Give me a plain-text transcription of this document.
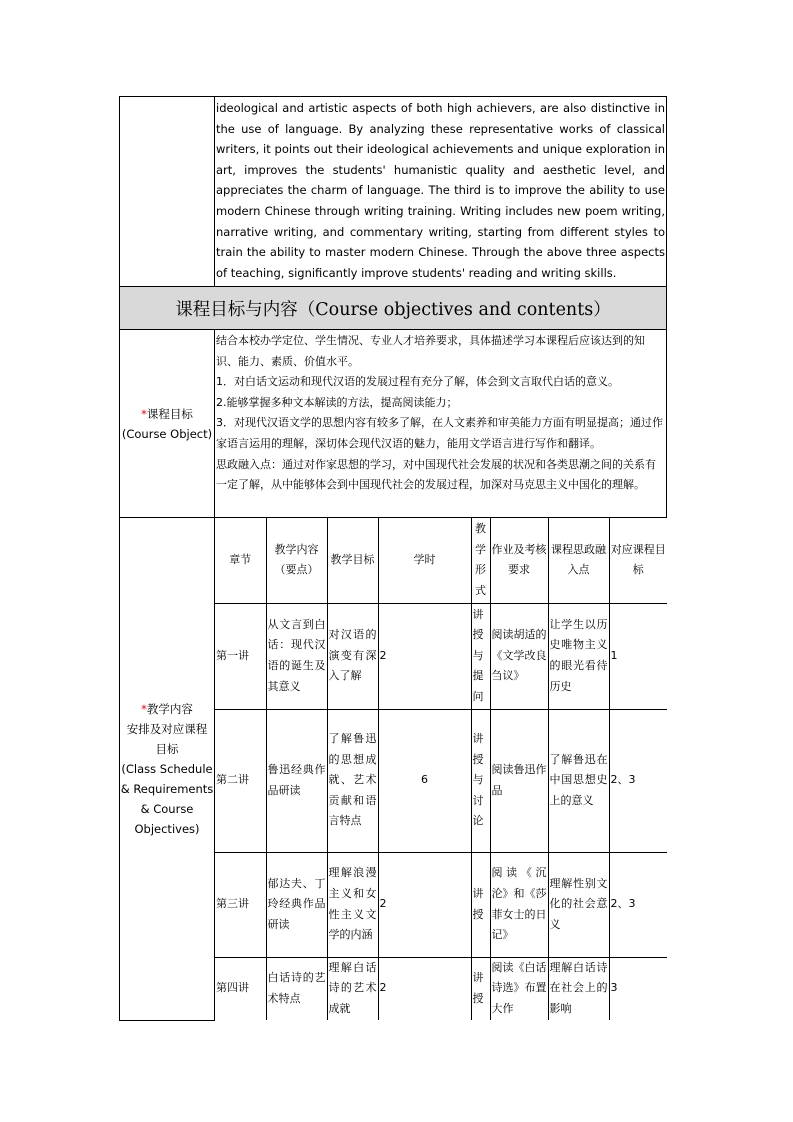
	ideological and artistic aspects of both high achievers, are also distinctive in the use of language. By analyzing these representative works of classical writers, it points out their ideological achievements and unique exploration in art, improves the students' humanistic quality and aesthetic level, and appreciates the charm of language. The third is to improve the ability to use modern Chinese through writing training. Writing includes new poem writing, narrative writing, and commentary writing, starting from different styles to train the ability to master modern Chinese. Through the above three aspects of teaching, significantly improve students' reading and writing skills.
课程目标与内容（Course objectives and contents）
*课程目标
(Course Object)	
结合本校办学定位、学生情况、专业人才培养要求，具体描述学习本课程后应该达到的知识、能力、素质、价值水平。
1．对白话文运动和现代汉语的发展过程有充分了解，体会到文言取代白话的意义。
2.能够掌握多种文本解读的方法，提高阅读能力；
3．对现代汉语文学的思想内容有较多了解，在人文素养和审美能力方面有明显提高；通过作家语言运用的理解，深切体会现代汉语的魅力，能用文学语言进行写作和翻译。
思政融入点：通过对作家思想的学习，对中国现代社会发展的状况和各类思潮之间的关系有一定了解，从中能够体会到中国现代社会的发展过程，加深对马克思主义中国化的理解。

*教学内容
安排及对应课程
目标
(Class Schedule
& Requirements
& Course
Objectives)	
章节	教学内容（要点）	教学目标	学时	教学形式	作业及考核要求	课程思政融入点	对应课程目标
第一讲	从文言到白话：现代汉语的诞生及其意义	对汉语的演变有深入了解	2	讲授与提问	阅读胡适的《文学改良刍议》	让学生以历史唯物主义的眼光看待历史	1
第二讲	鲁迅经典作品研读	了解鲁迅的思想成就、艺术贡献和语言特点	6	讲授与讨论	阅读鲁迅作品	了解鲁迅在中国思想史上的意义	2、3
第三讲	郁达夫、丁玲经典作品研读	理解浪漫主义和女性主义文学的内涵	2	讲授	阅读《沉沦》和《莎菲女士的日记》	理解性别文化的社会意义	2、3
第四讲	白话诗的艺术特点	理解白话诗的艺术成就	2	讲授	阅读《白话诗选》布置大作	理解白话诗在社会上的影响	3
